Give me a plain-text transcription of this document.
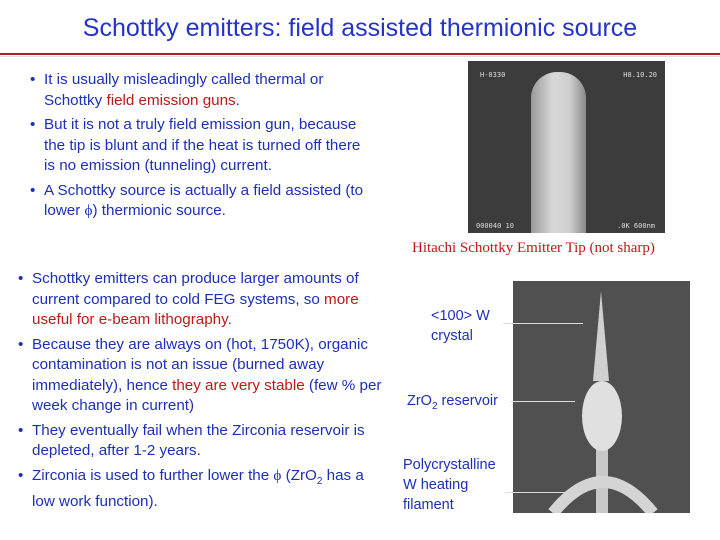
Schottky emitters: field assisted thermionic source
• It is usually misleadingly called thermal or Schottky field emission guns.
• But it is not a truly field emission gun, because the tip is blunt and if the heat is turned off there is no emission (tunneling) current.
• A Schottky source is actually a field assisted (to lower ϕ) thermionic source.
• Schottky emitters can produce larger amounts of current compared to cold FEG systems, so more useful for e-beam lithography.
• Because they are always on (hot, 1750K), organic contamination is not an issue (burned away immediately), hence they are very stable (few % per week change in current)
• They eventually fail when the Zirconia reservoir is depleted, after 1-2 years.
• Zirconia is used to further lower the ϕ (ZrO$_2$ has a low work function).
H-0330	H8.10.20
000040 10	.0K 600nm
Hitachi Schottky Emitter Tip (not sharp)
<100> W
crystal
ZrO$_2$ reservoir
Polycrystalline
W heating
filament
